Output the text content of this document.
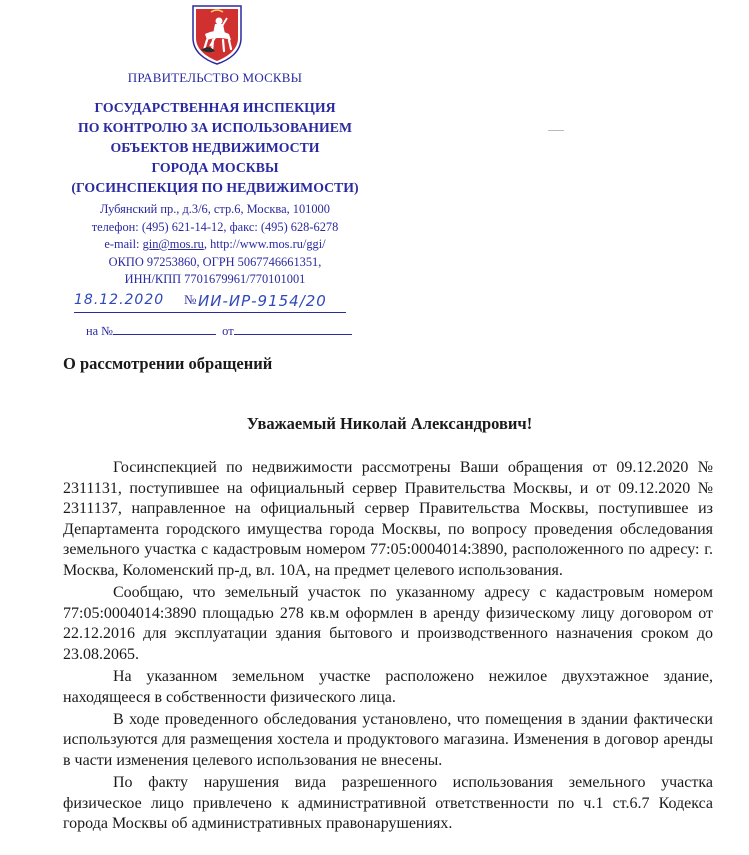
ПРАВИТЕЛЬСТВО МОСКВЫ
ГОСУДАРСТВЕННАЯ ИНСПЕКЦИЯ
ПО КОНТРОЛЮ ЗА ИСПОЛЬЗОВАНИЕМ
ОБЪЕКТОВ НЕДВИЖИМОСТИ
ГОРОДА МОСКВЫ
(ГОСИНСПЕКЦИЯ ПО НЕДВИЖИМОСТИ)
Лубянский пр., д.3/6, стр.6, Москва, 101000
телефон: (495) 621-14-12, факс: (495) 628-6278
e-mail: gin@mos.ru, http://www.mos.ru/ggi/
ОКПО 97253860, ОГРН 5067746661351,
ИНН/КПП 7701679961/770101001
18.12.2020 № ИИ-ИР-9154/20
на №	от
О рассмотрении обращений
Уважаемый Николай Александрович!

Госинспекцией по недвижимости рассмотрены Ваши обращения от 09.12.2020 № 2311131, поступившее на официальный сервер Правительства Москвы, и от 09.12.2020 № 2311137, направленное на официальный сервер Правительства Москвы, поступившее из Департамента городского имущества города Москвы, по вопросу проведения обследования земельного участка с кадастровым номером 77:05:0004014:3890, расположенного по адресу: г. Москва, Коломенский пр-д, вл. 10А, на предмет целевого использования.

Сообщаю, что земельный участок по указанному адресу с кадастровым номером 77:05:0004014:3890 площадью 278 кв.м оформлен в аренду физическому лицу договором от 22.12.2016 для эксплуатации здания бытового и производственного назначения сроком до 23.08.2065.

На указанном земельном участке расположено нежилое двухэтажное здание, находящееся в собственности физического лица.

В ходе проведенного обследования установлено, что помещения в здании фактически используются для размещения хостела и продуктового магазина. Изменения в договор аренды в части изменения целевого использования не внесены.

По факту нарушения вида разрешенного использования земельного участка физическое лицо привлечено к административной ответственности по ч.1 ст.6.7 Кодекса города Москвы об административных правонарушениях.
